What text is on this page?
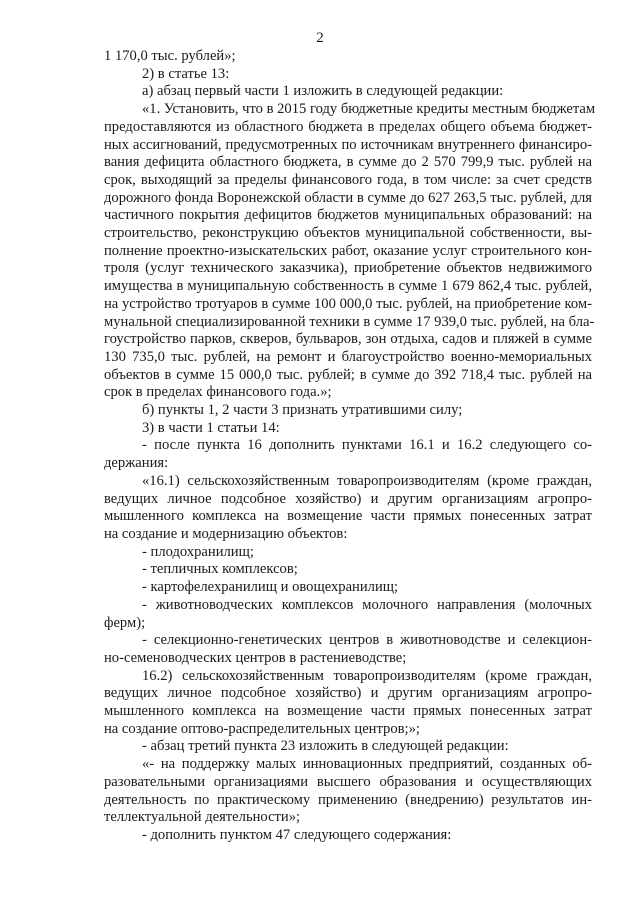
2
1 170,0 тыс. рублей»;
2) в статье 13:
а) абзац первый части 1 изложить в следующей редакции:
«1. Установить, что в 2015 году бюджетные кредиты местным бюджетам
предоставляются из областного бюджета в пределах общего объема бюджет-
ных ассигнований, предусмотренных по источникам внутреннего финансиро-
вания дефицита областного бюджета, в сумме до 2 570 799,9 тыс. рублей на
срок, выходящий за пределы финансового года, в том числе: за счет средств
дорожного фонда Воронежской области в сумме до 627 263,5 тыс. рублей, для
частичного покрытия дефицитов бюджетов муниципальных образований: на
строительство, реконструкцию объектов муниципальной собственности, вы-
полнение проектно-изыскательских работ, оказание услуг строительного кон-
троля (услуг технического заказчика), приобретение объектов недвижимого
имущества в муниципальную собственность в сумме 1 679 862,4 тыс. рублей,
на устройство тротуаров в сумме 100 000,0 тыс. рублей, на приобретение ком-
мунальной специализированной техники в сумме 17 939,0 тыс. рублей, на бла-
гоустройство парков, скверов, бульваров, зон отдыха, садов и пляжей в сумме
130 735,0 тыс. рублей, на ремонт и благоустройство военно-мемориальных
объектов в сумме 15 000,0 тыс. рублей; в сумме до 392 718,4 тыс. рублей на
срок в пределах финансового года.»;
б) пункты 1, 2 части 3 признать утратившими силу;
3) в части 1 статьи 14:
- после пункта 16 дополнить пунктами 16.1 и 16.2 следующего со-
держания:
«16.1) сельскохозяйственным товаропроизводителям (кроме граждан,
ведущих личное подсобное хозяйство) и другим организациям агропро-
мышленного комплекса на возмещение части прямых понесенных затрат
на создание и модернизацию объектов:
- плодохранилищ;
- тепличных комплексов;
- картофелехранилищ и овощехранилищ;
- животноводческих комплексов молочного направления (молочных
ферм);
- селекционно-генетических центров в животноводстве и селекцион-
но-семеноводческих центров в растениеводстве;
16.2) сельскохозяйственным товаропроизводителям (кроме граждан,
ведущих личное подсобное хозяйство) и другим организациям агропро-
мышленного комплекса на возмещение части прямых понесенных затрат
на создание оптово-распределительных центров;»;
- абзац третий пункта 23 изложить в следующей редакции:
«- на поддержку малых инновационных предприятий, созданных об-
разовательными организациями высшего образования и осуществляющих
деятельность по практическому применению (внедрению) результатов ин-
теллектуальной деятельности»;
- дополнить пунктом 47 следующего содержания:
